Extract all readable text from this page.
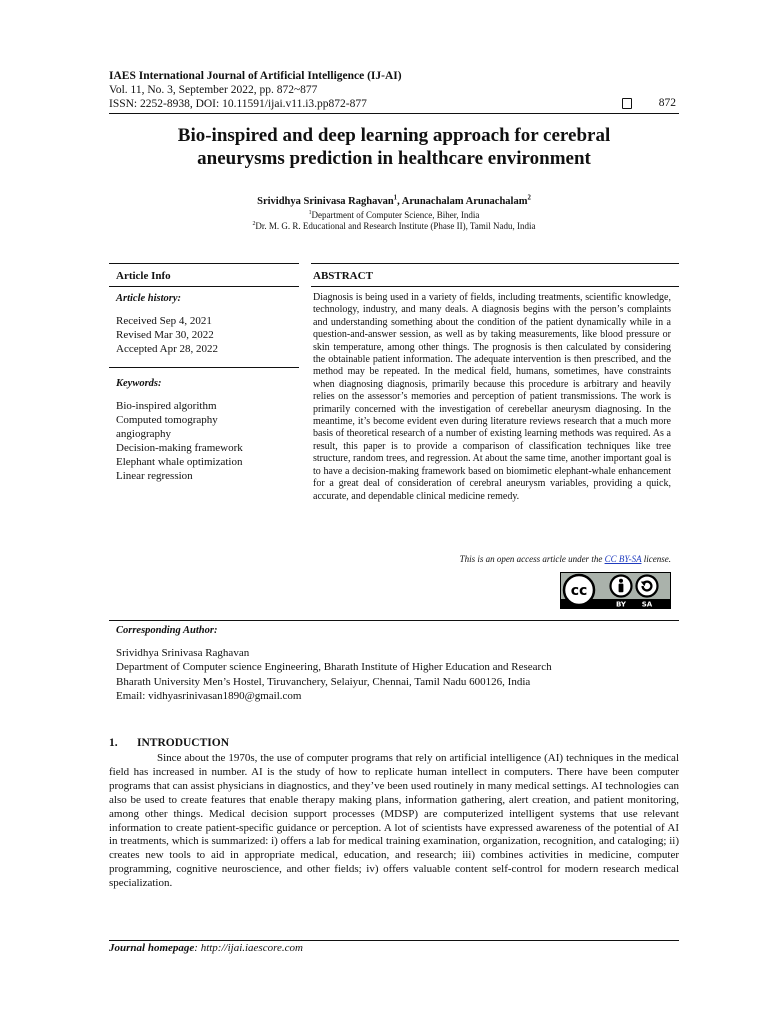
IAES International Journal of Artificial Intelligence (IJ-AI)
Vol. 11, No. 3, September 2022, pp. 872~877
ISSN: 2252-8938, DOI: 10.11591/ijai.v11.i3.pp872-877	872
Bio-inspired and deep learning approach for cerebral
aneurysms prediction in healthcare environment
Srividhya Srinivasa Raghavan$^1$, Arunachalam Arunachalam$^2$
$^1$Department of Computer Science, Biher, India
$^2$Dr. M. G. R. Educational and Research Institute (Phase II), Tamil Nadu, India
Article Info	ABSTRACT
Article history:
Received Sep 4, 2021
Revised Mar 30, 2022
Accepted Apr 28, 2022
Keywords:
Bio-inspired algorithm
Computed tomography
angiography
Decision-making framework
Elephant whale optimization
Linear regression
Diagnosis is being used in a variety of fields, including treatments, scientific knowledge, technology, industry, and many deals. A diagnosis begins with the person’s complaints and understanding something about the condition of the patient dynamically while in a question-and-answer session, as well as by taking measurements, like blood pressure or skin temperature, among other things. The prognosis is then calculated by considering the obtainable patient information. The adequate intervention is then prescribed, and the method may be repeated. In the medical field, humans, sometimes, have constraints when diagnosing diagnosis, primarily because this procedure is arbitrary and heavily relies on the assessor’s memories and perception of patient transmissions. The work is primarily concerned with the investigation of cerebellar aneurysm diagnosing. In the meantime, it’s become evident even during literature reviews research that a much more basis of theoretical research of a number of existing learning methods was required. As a result, this paper is to provide a comparison of classification techniques like tree structure, random trees, and regression. At about the same time, another important goal is to have a decision-making framework based on biomimetic elephant-whale enhancement for a great deal of consideration of cerebral aneurysm variables, providing a quick, accurate, and dependable clinical medicine remedy.
This is an open access article under the CC BY-SA license.
cc
BY SA
Corresponding Author:
Srividhya Srinivasa Raghavan
Department of Computer science Engineering, Bharath Institute of Higher Education and Research
Bharath University Men’s Hostel, Tiruvanchery, Selaiyur, Chennai, Tamil Nadu 600126, India
Email: vidhyasrinivasan1890@gmail.com
1. INTRODUCTION
Since about the 1970s, the use of computer programs that rely on artificial intelligence (AI) techniques in the medical field has increased in number. AI is the study of how to replicate human intellect in computers. There have been computer programs that can assist physicians in diagnostics, and they’ve been used routinely in many medical settings. AI technologies can also be used to create features that enable therapy making plans, information gathering, alert creation, and patient monitoring, among other things. Medical decision support processes (MDSP) are computerized intelligent systems that use relevant information to create patient-specific guidance or perception. A lot of scientists have expressed awareness of the potential of AI in treatments, which is summarized: i) offers a lab for medical training examination, organization, recognition, and cataloging; ii) creates new tools to aid in appropriate medical, education, and research; iii) combines activities in medicine, computer programming, cognitive neuroscience, and other fields; iv) offers valuable content self-control for modern research medical specialization.
Journal homepage: http://ijai.iaescore.com
